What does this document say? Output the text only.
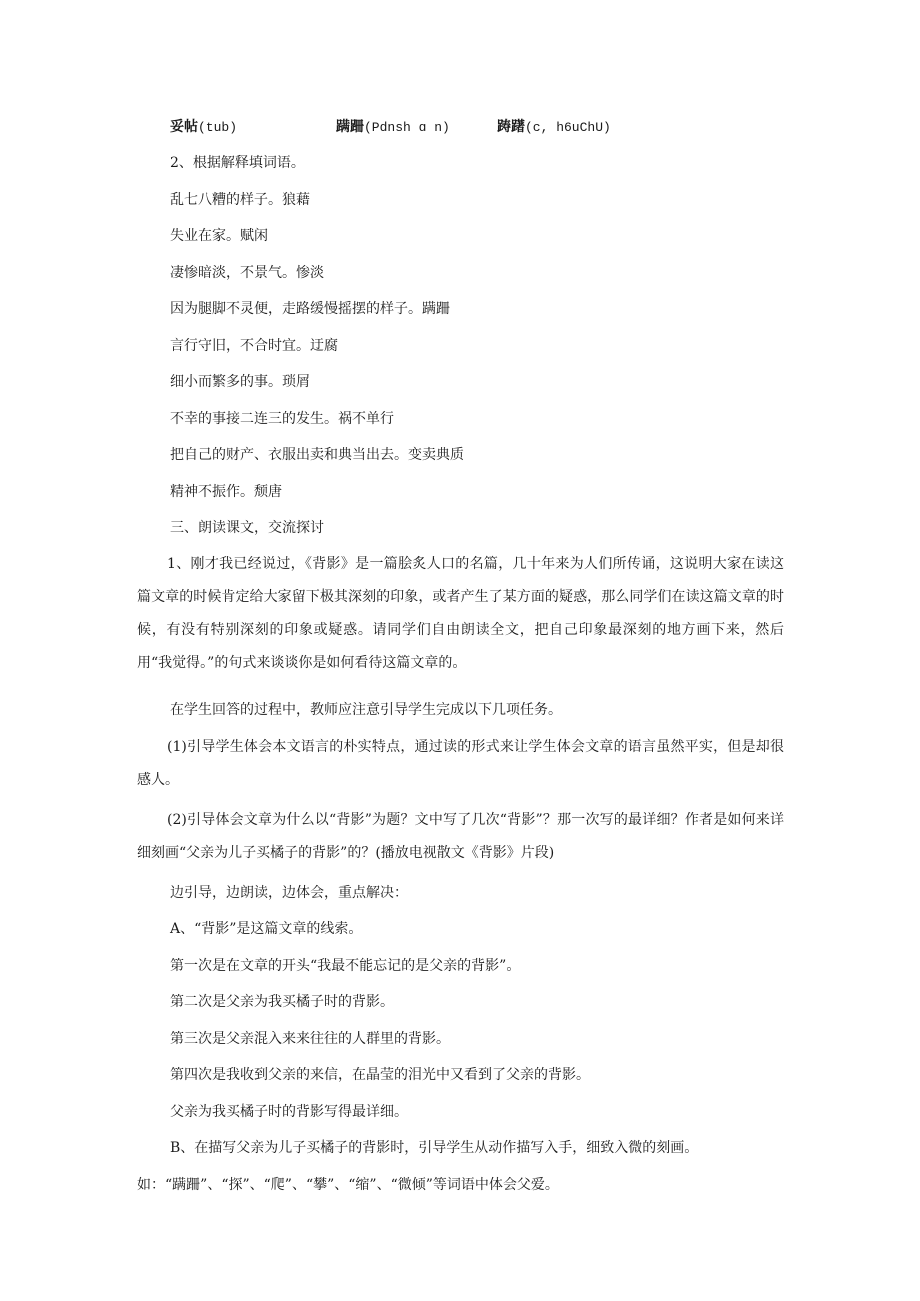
妥帖(tub)	蹒跚(Pdnsh ɑ n)	踌躇(c, h6uChU)
2、根据解释填词语。
乱七八糟的样子。狼藉
失业在家。赋闲
凄惨暗淡，不景气。惨淡
因为腿脚不灵便，走路缓慢摇摆的样子。蹒跚
言行守旧，不合时宜。迂腐
细小而繁多的事。琐屑
不幸的事接二连三的发生。祸不单行
把自己的财产、衣服出卖和典当出去。变卖典质
精神不振作。颓唐
三、朗读课文，交流探讨
1、刚才我已经说过，《背影》是一篇脍炙人口的名篇，几十年来为人们所传诵，这说明大家在读这篇文章的时候肯定给大家留下极其深刻的印象，或者产生了某方面的疑惑，那么同学们在读这篇文章的时候，有没有特别深刻的印象或疑惑。请同学们自由朗读全文，把自己印象最深刻的地方画下来，然后用“我觉得。”的句式来谈谈你是如何看待这篇文章的。
在学生回答的过程中，教师应注意引导学生完成以下几项任务。
(1)引导学生体会本文语言的朴实特点，通过读的形式来让学生体会文章的语言虽然平实，但是却很感人。
(2)引导体会文章为什么以“背影”为题？文中写了几次“背影”？那一次写的最详细？作者是如何来详细刻画“父亲为儿子买橘子的背影”的？(播放电视散文《背影》片段)
边引导，边朗读，边体会，重点解决：
A、“背影”是这篇文章的线索。
第一次是在文章的开头“我最不能忘记的是父亲的背影”。
第二次是父亲为我买橘子时的背影。
第三次是父亲混入来来往往的人群里的背影。
第四次是我收到父亲的来信，在晶莹的泪光中又看到了父亲的背影。
父亲为我买橘子时的背影写得最详细。
B、在描写父亲为儿子买橘子的背影时，引导学生从动作描写入手，细致入微的刻画。
如：“蹒跚”、“探”、“爬”、“攀”、“缩”、“微倾”等词语中体会父爱。
